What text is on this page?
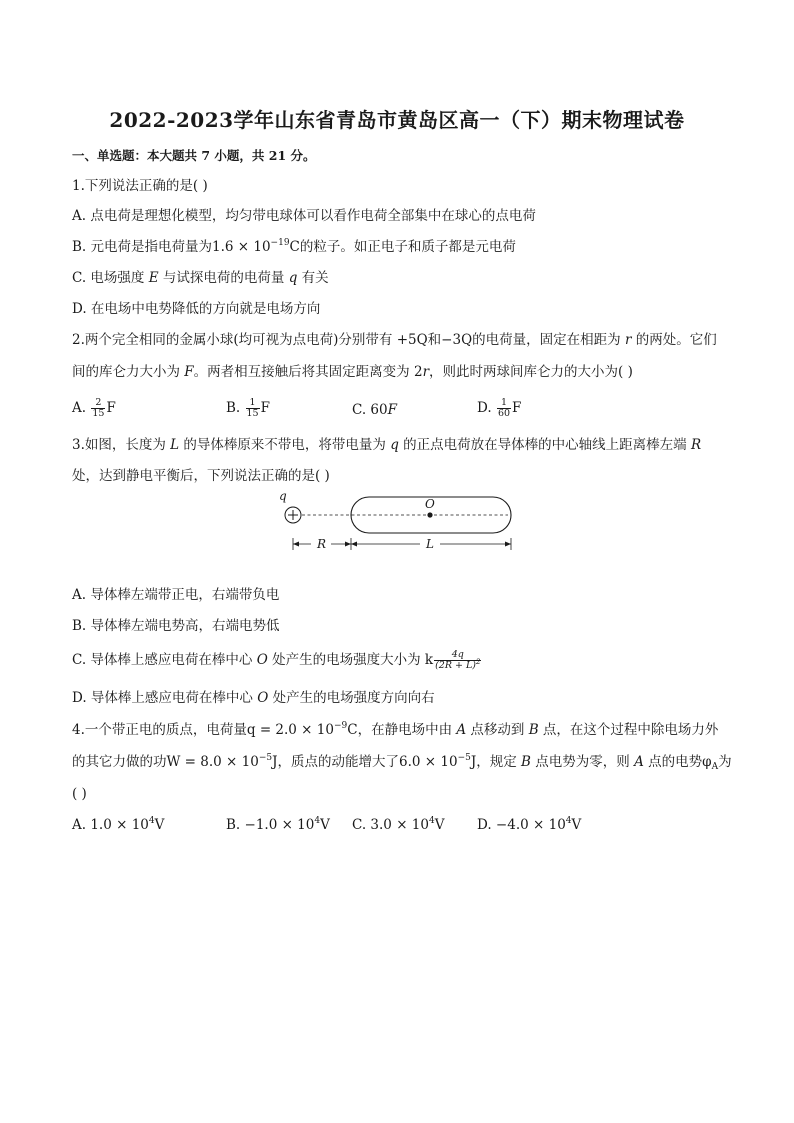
2022-2023学年山东省青岛市黄岛区高一（下）期末物理试卷
一、单选题：本大题共 7 小题，共 21 分。
1.下列说法正确的是( )
A. 点电荷是理想化模型，均匀带电球体可以看作电荷全部集中在球心的点电荷
B. 元电荷是指电荷量为$1.6 \times 10^{-19}C$的粒子。如正电子和质子都是元电荷
C. 电场强度 E 与试探电荷的电荷量 q 有关
D. 在电场中电势降低的方向就是电场方向
2.两个完全相同的金属小球(均可视为点电荷)分别带有 +5Q和−3Q的电荷量，固定在相距为 r 的两处。它们
间的库仑力大小为 F。两者相互接触后将其固定距离变为 2r，则此时两球间库仑力的大小为( )
A. $\frac{2}{15}$ F	B. $\frac{1}{15}$ F	C. 60F	D. $\frac{1}{60}$ F
3.如图，长度为 L 的导体棒原来不带电，将带电量为 q 的正点电荷放在导体棒的中心轴线上距离棒左端 R
处，达到静电平衡后，下列说法正确的是( )
q
O
R	L
A. 导体棒左端带正电，右端带负电
B. 导体棒左端电势高，右端电势低
C. 导体棒上感应电荷在棒中心 O 处产生的电场强度大小为 k $\frac{4q}{(2R + L)^2}$
D. 导体棒上感应电荷在棒中心 O 处产生的电场强度方向向右
4.一个带正电的质点，电荷量$q = 2.0 \times 10^{-9}C$，在静电场中由 A 点移动到 B 点，在这个过程中除电场力外
的其它力做的功$W = 8.0 \times 10^{-5}J$，质点的动能增大了$6.0 \times 10^{-5}J$，规定 B 点电势为零，则 A 点的电势$\varphi_A$为
( )
A. $1.0 \times 10^4V$	B. $-1.0 \times 10^4V$ C. $3.0 \times 10^4V$ D. $-4.0 \times 10^4V$
